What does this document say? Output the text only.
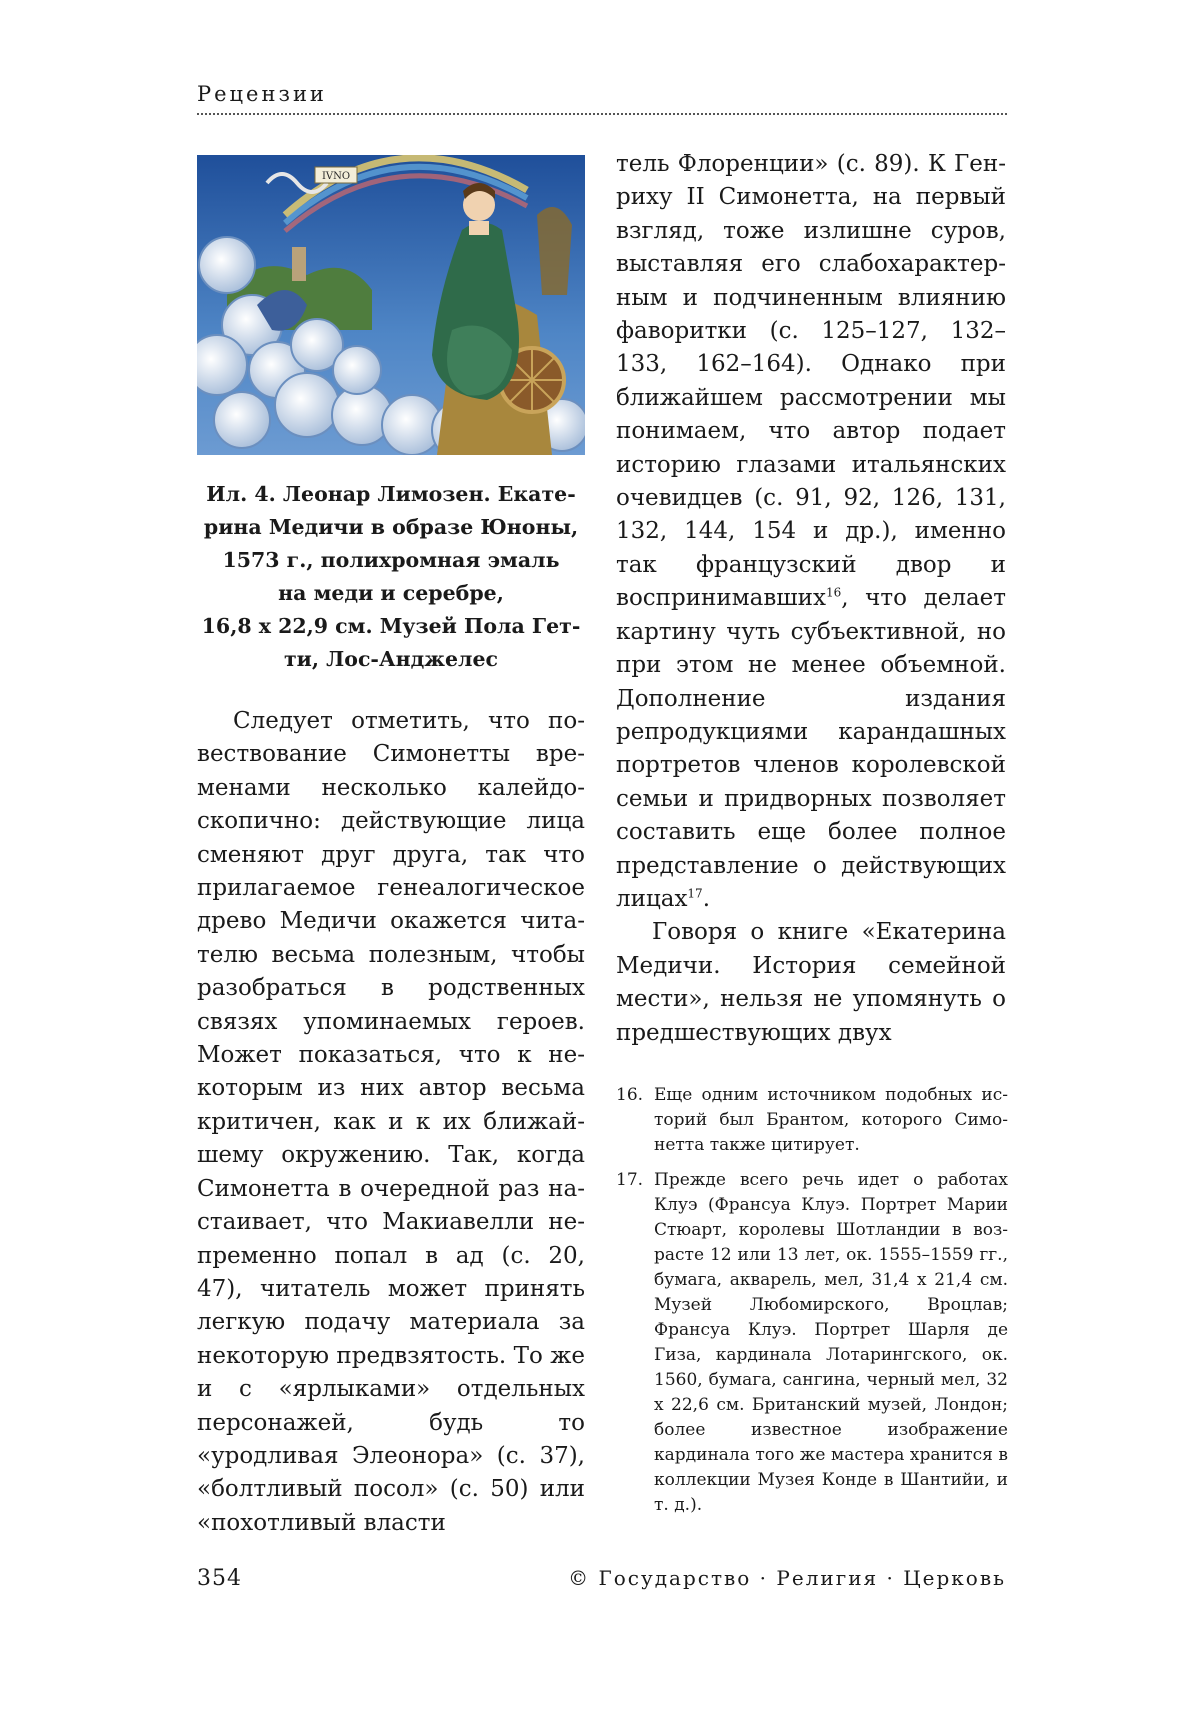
Рецензии
IVNO
Ил. 4. Леонар Лимозен. Екате-
рина Медичи в образе Юноны,
1573 г., полихромная эмаль
на меди и серебре,
16,8 х 22,9 см. Музей Пола Гет-
ти, Лос-Анджелес

Следует отметить, что повествование Симонетты временами несколько калейдоскопично: действующие лица сменяют друг друга, так что прилагаемое генеалогическое древо Медичи окажется читателю весьма полезным, чтобы разобраться в родственных связях упоминаемых героев. Может показаться, что к некоторым из них автор весьма критичен, как и к их ближайшему окружению. Так, когда Симонетта в очередной раз настаивает, что Макиавелли непременно попал в ад (с. 20, 47), читатель может принять легкую подачу материала за некоторую предвзятость. То же и с «ярлыками» отдельных персонажей, будь то «уродливая Элеонора» (с. 37), «болтливый посол» (с. 50) или «похотливый власти

тель Флоренции» (с. 89). К Генриху II Симонетта, на первый взгляд, тоже излишне суров, выставляя его слабохарактерным и подчиненным влиянию фаворитки (с. 125–127, 132–133, 162–164). Однако при ближайшем рассмотрении мы понимаем, что автор подает историю глазами итальянских очевидцев (с. 91, 92, 126, 131, 132, 144, 154 и др.), именно так французский двор и воспринимавших$^{16}$, что делает картину чуть субъективной, но при этом не менее объемной. Дополнение издания репродукциями карандашных портретов членов королевской семьи и придворных позволяет составить еще более полное представление о действующих лицах$^{17}$.

Говоря о книге «Екатерина Медичи. История семейной мести», нельзя не упомянуть о предшествующих двух

16. Еще одним источником подобных историй был Брантом, которого Симонетта также цитирует.
17. Прежде всего речь идет о работах Клуэ (Франсуа Клуэ. Портрет Марии Стюарт, королевы Шотландии в возрасте 12 или 13 лет, ок. 1555–1559 гг., бумага, акварель, мел, 31,4 х 21,4 см. Музей Любомирского, Вроцлав; Франсуа Клуэ. Портрет Шарля де Гиза, кардинала Лотарингского, ок. 1560, бумага, сангина, черный мел, 32 х 22,6 см. Британский музей, Лондон; более известное изображение кардинала того же мастера хранится в коллекции Музея Конде в Шантийи, и т. д.).
354	© Государство · Религия · Церковь
